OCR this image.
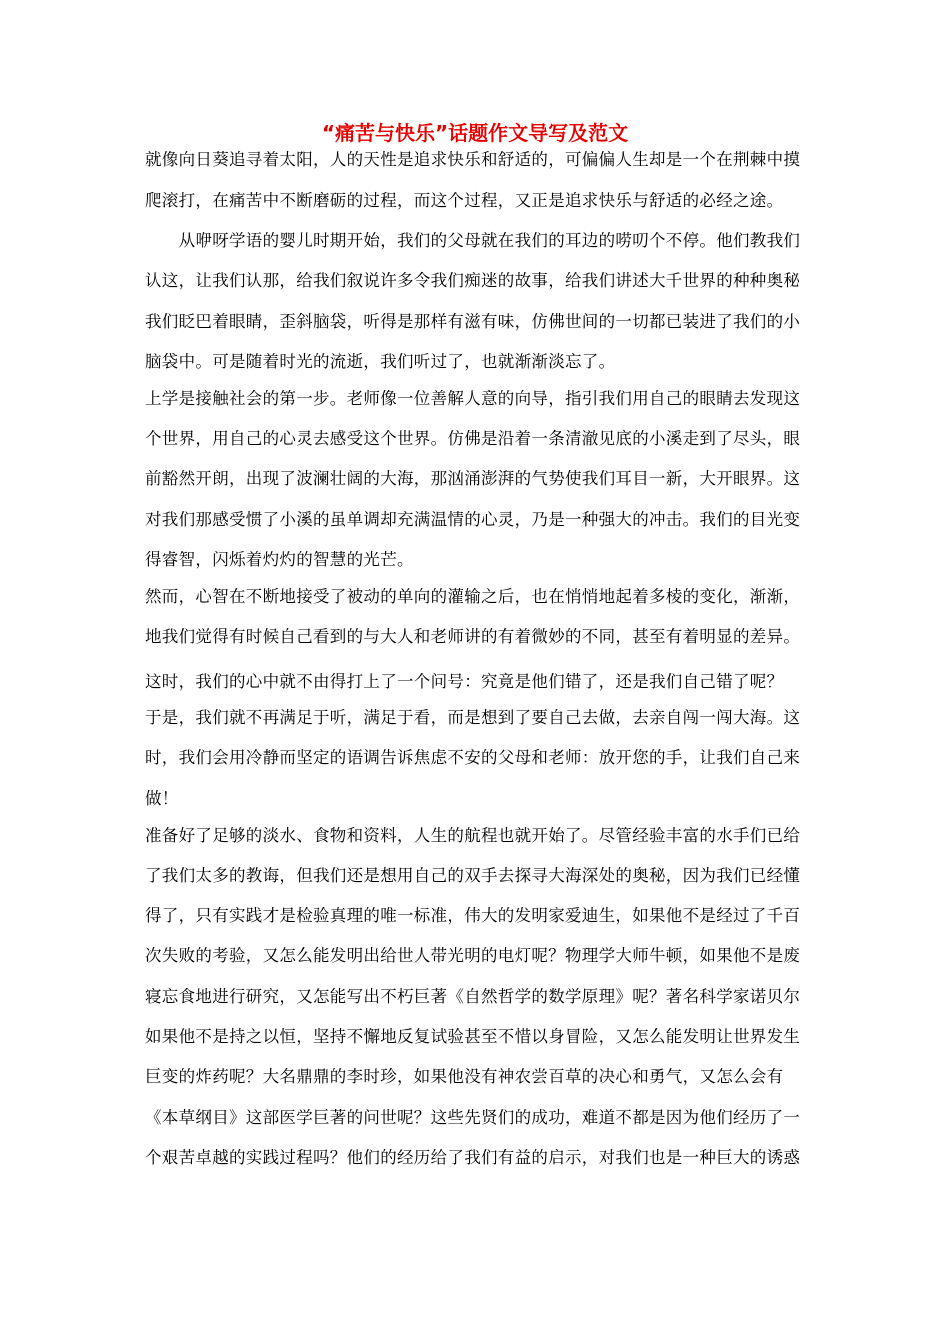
“痛苦与快乐”话题作文导写及范文
就像向日葵追寻着太阳，人的天性是追求快乐和舒适的，可偏偏人生却是一个在荆棘中摸
爬滚打，在痛苦中不断磨砺的过程，而这个过程，又正是追求快乐与舒适的必经之途。
　　从咿呀学语的婴儿时期开始，我们的父母就在我们的耳边的唠叨个不停。他们教我们
认这，让我们认那，给我们叙说许多令我们痴迷的故事，给我们讲述大千世界的种种奥秘
我们眨巴着眼睛，歪斜脑袋，听得是那样有滋有味，仿佛世间的一切都已装进了我们的小
脑袋中。可是随着时光的流逝，我们听过了，也就渐渐淡忘了。
上学是接触社会的第一步。老师像一位善解人意的向导，指引我们用自己的眼睛去发现这
个世界，用自己的心灵去感受这个世界。仿佛是沿着一条清澈见底的小溪走到了尽头，眼
前豁然开朗，出现了波澜壮阔的大海，那汹涌澎湃的气势使我们耳目一新，大开眼界。这
对我们那感受惯了小溪的虽单调却充满温情的心灵，乃是一种强大的冲击。我们的目光变
得睿智，闪烁着灼灼的智慧的光芒。
然而，心智在不断地接受了被动的单向的灌输之后，也在悄悄地起着多棱的变化，渐渐，
地我们觉得有时候自己看到的与大人和老师讲的有着微妙的不同，甚至有着明显的差异。
这时，我们的心中就不由得打上了一个问号：究竟是他们错了，还是我们自己错了呢？
于是，我们就不再满足于听，满足于看，而是想到了要自己去做，去亲自闯一闯大海。这
时，我们会用冷静而坚定的语调告诉焦虑不安的父母和老师：放开您的手，让我们自己来
做！
准备好了足够的淡水、食物和资料，人生的航程也就开始了。尽管经验丰富的水手们已给
了我们太多的教诲，但我们还是想用自己的双手去探寻大海深处的奥秘，因为我们已经懂
得了，只有实践才是检验真理的唯一标准，伟大的发明家爱迪生，如果他不是经过了千百
次失败的考验，又怎么能发明出给世人带光明的电灯呢？物理学大师牛顿，如果他不是废
寝忘食地进行研究，又怎能写出不朽巨著《自然哲学的数学原理》呢？著名科学家诺贝尔
如果他不是持之以恒，坚持不懈地反复试验甚至不惜以身冒险，又怎么能发明让世界发生
巨变的炸药呢？大名鼎鼎的李时珍，如果他没有神农尝百草的决心和勇气，又怎么会有
《本草纲目》这部医学巨著的问世呢？这些先贤们的成功，难道不都是因为他们经历了一
个艰苦卓越的实践过程吗？他们的经历给了我们有益的启示，对我们也是一种巨大的诱惑
